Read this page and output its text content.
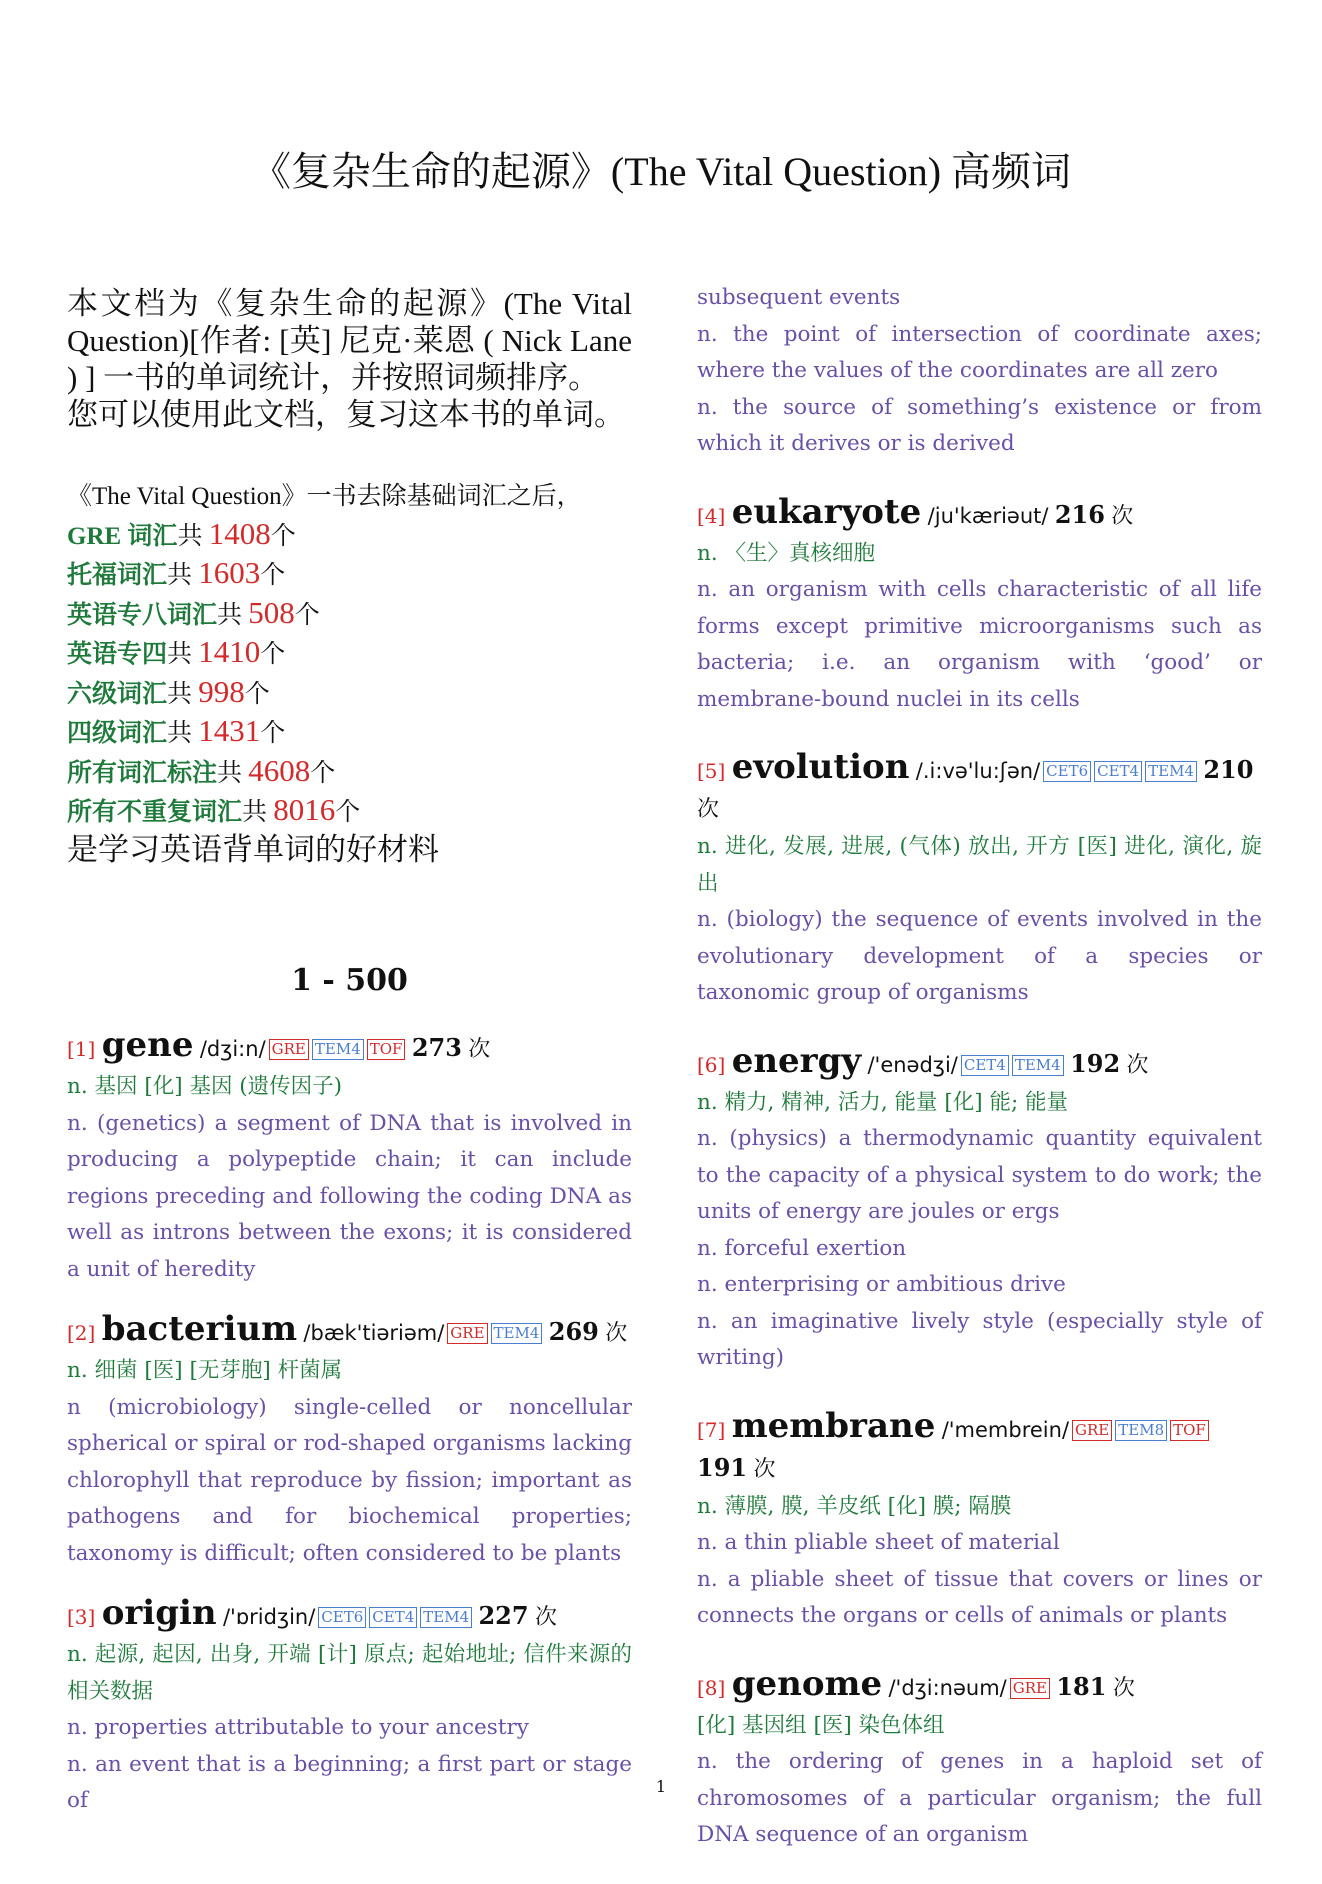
《复杂生命的起源》(The Vital Question) 高频词

本文档为《复杂生命的起源》(The Vital Question)[作者: [英] 尼克·莱恩 ( Nick Lane ) ] 一书的单词统计，并按照词频排序。

您可以使用此文档，复习这本书的单词。

《The Vital Question》一书去除基础词汇之后，
GRE 词汇共 1408个
托福词汇共 1603个
英语专八词汇共 508个
英语专四共 1410个
六级词汇共 998个
四级词汇共 1431个
所有词汇标注共 4608个
所有不重复词汇共 8016个
是学习英语背单词的好材料
1 - 500
[1] gene /dʒi:n/ GRE TEM4 TOF 273 次

n. 基因 [化] 基因 (遗传因子)

n. (genetics) a segment of DNA that is involved in producing a polypeptide chain; it can include regions preceding and following the coding DNA as well as introns between the exons; it is considered a unit of heredity

[2] bacterium /bæk'tiəriəm/ GRE TEM4 269 次

n. 细菌 [医] [无芽胞] 杆菌属

n (microbiology) single-celled or noncellular spherical or spiral or rod-shaped organisms lacking chlorophyll that reproduce by fission; important as pathogens and for biochemical properties; taxonomy is difficult; often considered to be plants

[3] origin /'ɒridʒin/ CET6 CET4 TEM4 227 次

n. 起源, 起因, 出身, 开端 [计] 原点; 起始地址; 信件来源的相关数据

n. properties attributable to your ancestry

n. an event that is a beginning; a first part or stage of

subsequent events

n. the point of intersection of coordinate axes; where the values of the coordinates are all zero

n. the source of something’s existence or from which it derives or is derived

[4] eukaryote /ju'kæriəut/ 216 次

n. 〈生〉真核细胞

n. an organism with cells characteristic of all life forms except primitive microorganisms such as bacteria; i.e. an organism with ‘good’ or membrane-bound nuclei in its cells

[5] evolution /.i:və'lu:ʃən/ CET6 CET4 TEM4 210 次

n. 进化, 发展, 进展, (气体) 放出, 开方 [医] 进化, 演化, 旋出

n. (biology) the sequence of events involved in the evolutionary development of a species or taxonomic group of organisms

[6] energy /'enədʒi/ CET4 TEM4 192 次

n. 精力, 精神, 活力, 能量 [化] 能; 能量

n. (physics) a thermodynamic quantity equivalent to the capacity of a physical system to do work; the units of energy are joules or ergs

n. forceful exertion

n. enterprising or ambitious drive

n. an imaginative lively style (especially style of writing)

[7] membrane /'membrein/ GRE TEM8 TOF 191 次

n. 薄膜, 膜, 羊皮纸 [化] 膜; 隔膜

n. a thin pliable sheet of material

n. a pliable sheet of tissue that covers or lines or connects the organs or cells of animals or plants

[8] genome /'dʒi:nəum/ GRE 181 次

[化] 基因组 [医] 染色体组

n. the ordering of genes in a haploid set of chromosomes of a particular organism; the full DNA sequence of an organism

1
